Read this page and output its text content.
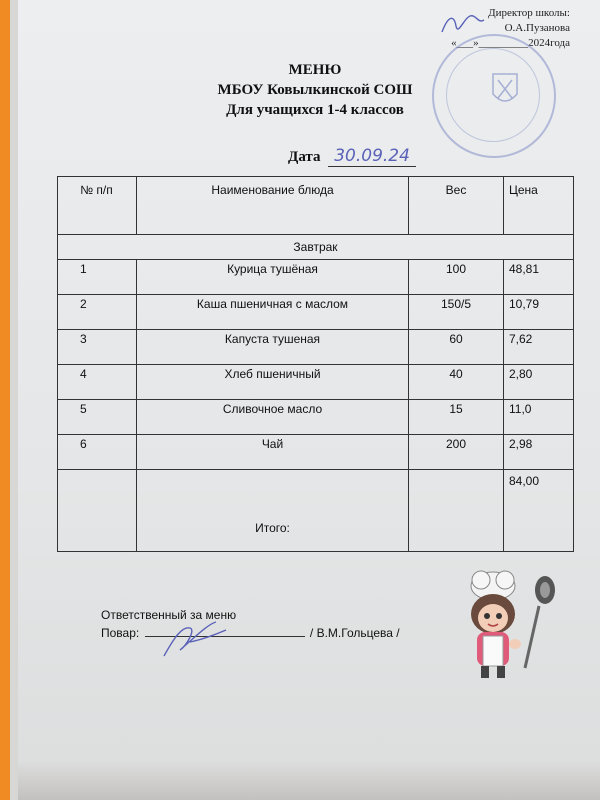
Директор школы:
О.А.Пузанова
«___»_________2024года
МЕНЮ
МБОУ Ковылкинской СОШ
Для учащихся 1-4 классов
Дата 30.09.24
№ п/п	Наименование блюда	Вес	Цена
Завтрак			
1	Курица тушёная	100	48,81
2	Каша пшеничная с маслом	150/5	10,79
3	Капуста тушеная	60	7,62
4	Хлеб пшеничный	40	2,80
5	Сливочное масло	15	11,0
6	Чай	200	2,98
	Итого:		84,00
Ответственный за меню
Повар:	/ В.М.Гольцева /
